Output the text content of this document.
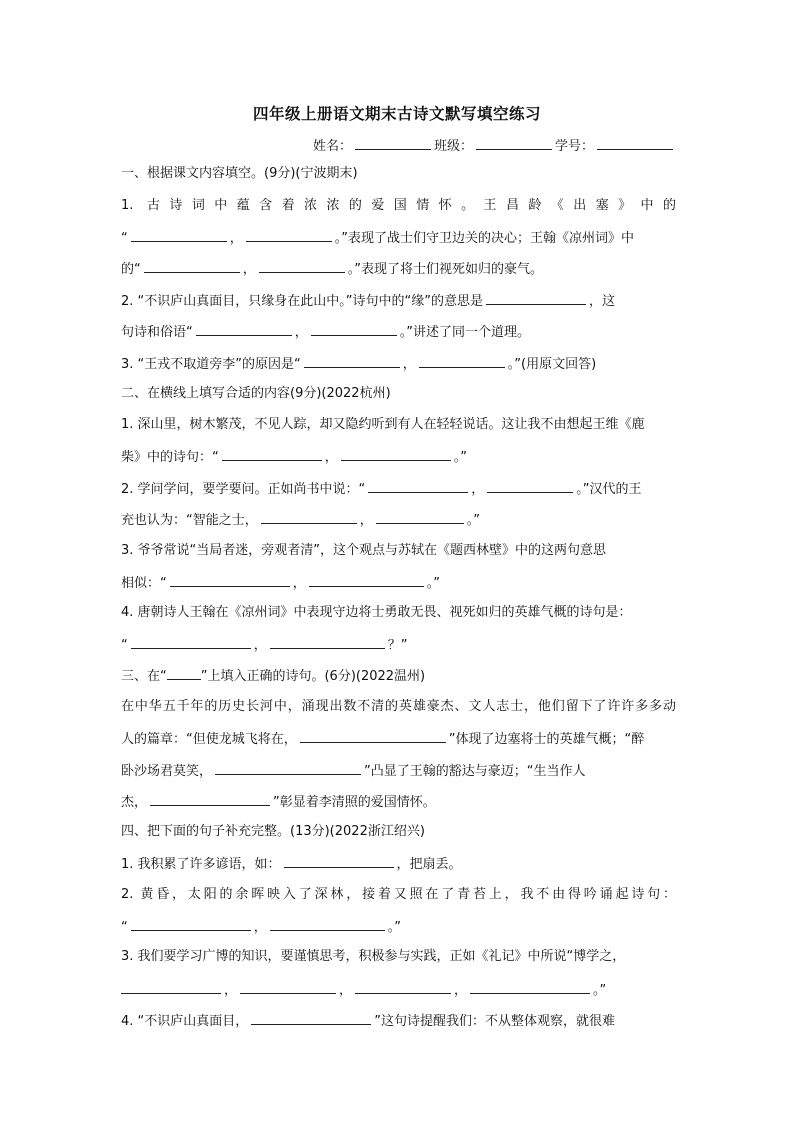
四年级上册语文期末古诗文默写填空练习
姓名：	班级：	学号：
一、根据课文内容填空。(9分)(宁波期末)
1. 古诗词中蕴含着浓浓的爱国情怀。王昌龄《出塞》中的
“	，	。”表现了战士们守卫边关的决心；王翰《凉州词》中
的“	，	。”表现了将士们视死如归的豪气。
2. “不识庐山真面目，只缘身在此山中。”诗句中的“缘”的意思是	，这
句诗和俗语“	，	。”讲述了同一个道理。
3. “王戎不取道旁李”的原因是“	，	。”(用原文回答)
二、在横线上填写合适的内容(9分)(2022杭州)
1. 深山里，树木繁茂，不见人踪，却又隐约听到有人在轻轻说话。这让我不由想起王维《鹿
柴》中的诗句：“	，	。”
2. 学问学问，要学要问。正如尚书中说：“	，	。”汉代的王
充也认为：“智能之士，	，	。”
3. 爷爷常说“当局者迷，旁观者清”，这个观点与苏轼在《题西林壁》中的这两句意思
相似：“	，	。”
4. 唐朝诗人王翰在《凉州词》中表现守边将士勇敢无畏、视死如归的英雄气概的诗句是：
“	，	？”
三、在“	”上填入正确的诗句。(6分)(2022温州)
在中华五千年的历史长河中，涌现出数不清的英雄豪杰、文人志士，他们留下了许许多多动
人的篇章：“但使龙城飞将在，	”体现了边塞将士的英雄气概；“醉
卧沙场君莫笑，	”凸显了王翰的豁达与豪迈；“生当作人
杰，	”彰显着李清照的爱国情怀。
四、把下面的句子补充完整。(13分)(2022浙江绍兴)
1. 我积累了许多谚语，如：	，把扇丢。
2. 黄昏，太阳的余晖映入了深林，接着又照在了青苔上，我不由得吟诵起诗句：
“	，	。”
3. 我们要学习广博的知识，要谨慎思考，积极参与实践，正如《礼记》中所说“博学之，
，	，	，	。”
4. “不识庐山真面目，	”这句诗提醒我们：不从整体观察，就很难
